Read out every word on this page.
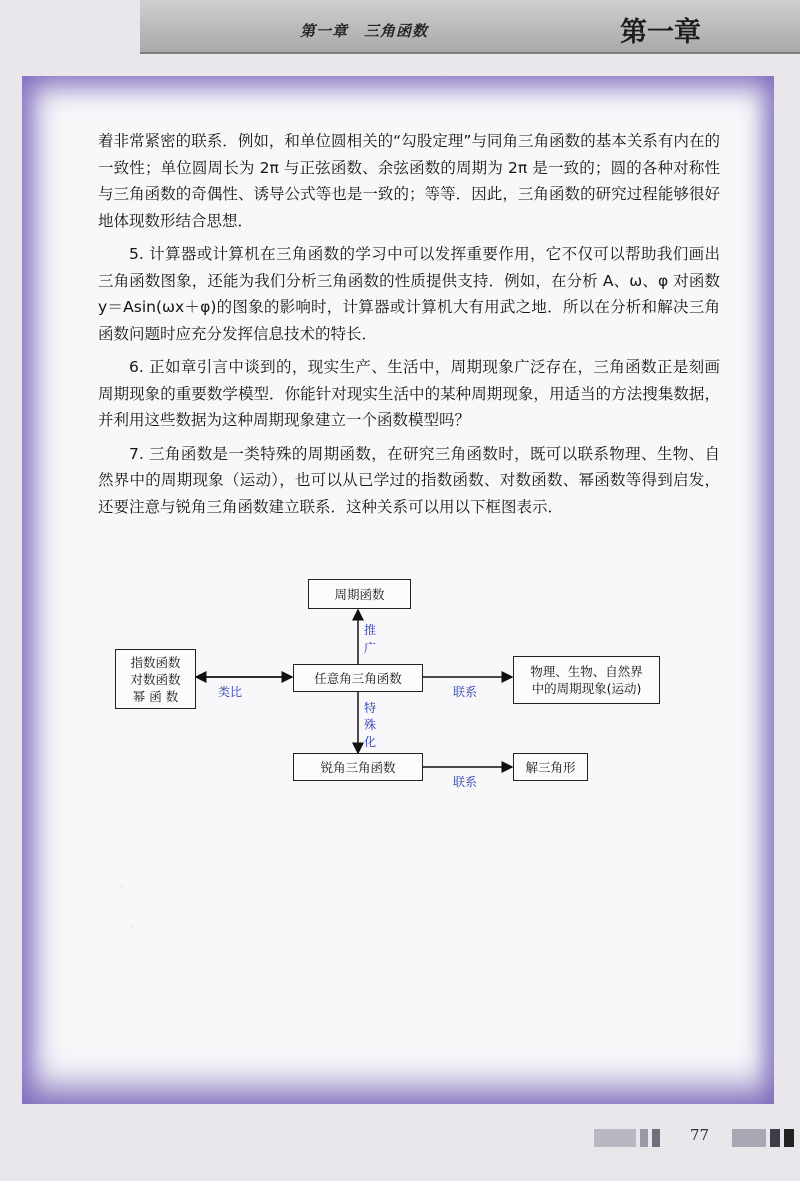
第一章　三角函数	第一章
·
·
·

着非常紧密的联系．例如，和单位圆相关的“勾股定理”与同角三角函数的基本关系有内在的一致性；单位圆周长为 2π 与正弦函数、余弦函数的周期为 2π 是一致的；圆的各种对称性与三角函数的奇偶性、诱导公式等也是一致的；等等．因此，三角函数的研究过程能够很好地体现数形结合思想．

5. 计算器或计算机在三角函数的学习中可以发挥重要作用，它不仅可以帮助我们画出三角函数图象，还能为我们分析三角函数的性质提供支持．例如，在分析 A、ω、φ 对函数 y＝Asin(ωx＋φ)的图象的影响时，计算器或计算机大有用武之地．所以在分析和解决三角函数问题时应充分发挥信息技术的特长．

6. 正如章引言中谈到的，现实生产、生活中，周期现象广泛存在，三角函数正是刻画周期现象的重要数学模型．你能针对现实生活中的某种周期现象，用适当的方法搜集数据，并利用这些数据为这种周期现象建立一个函数模型吗？

7. 三角函数是一类特殊的周期函数，在研究三角函数时，既可以联系物理、生物、自然界中的周期现象（运动），也可以从已学过的指数函数、对数函数、幂函数等得到启发，还要注意与锐角三角函数建立联系．这种关系可以用以下框图表示．

周期函数
指数函数
对数函数
幂 函 数
任意角三角函数	物理、生物、自然界
中的周期现象(运动)
锐角三角函数	解三角形
推
广
类比	联系
特
殊
化
联系
77
